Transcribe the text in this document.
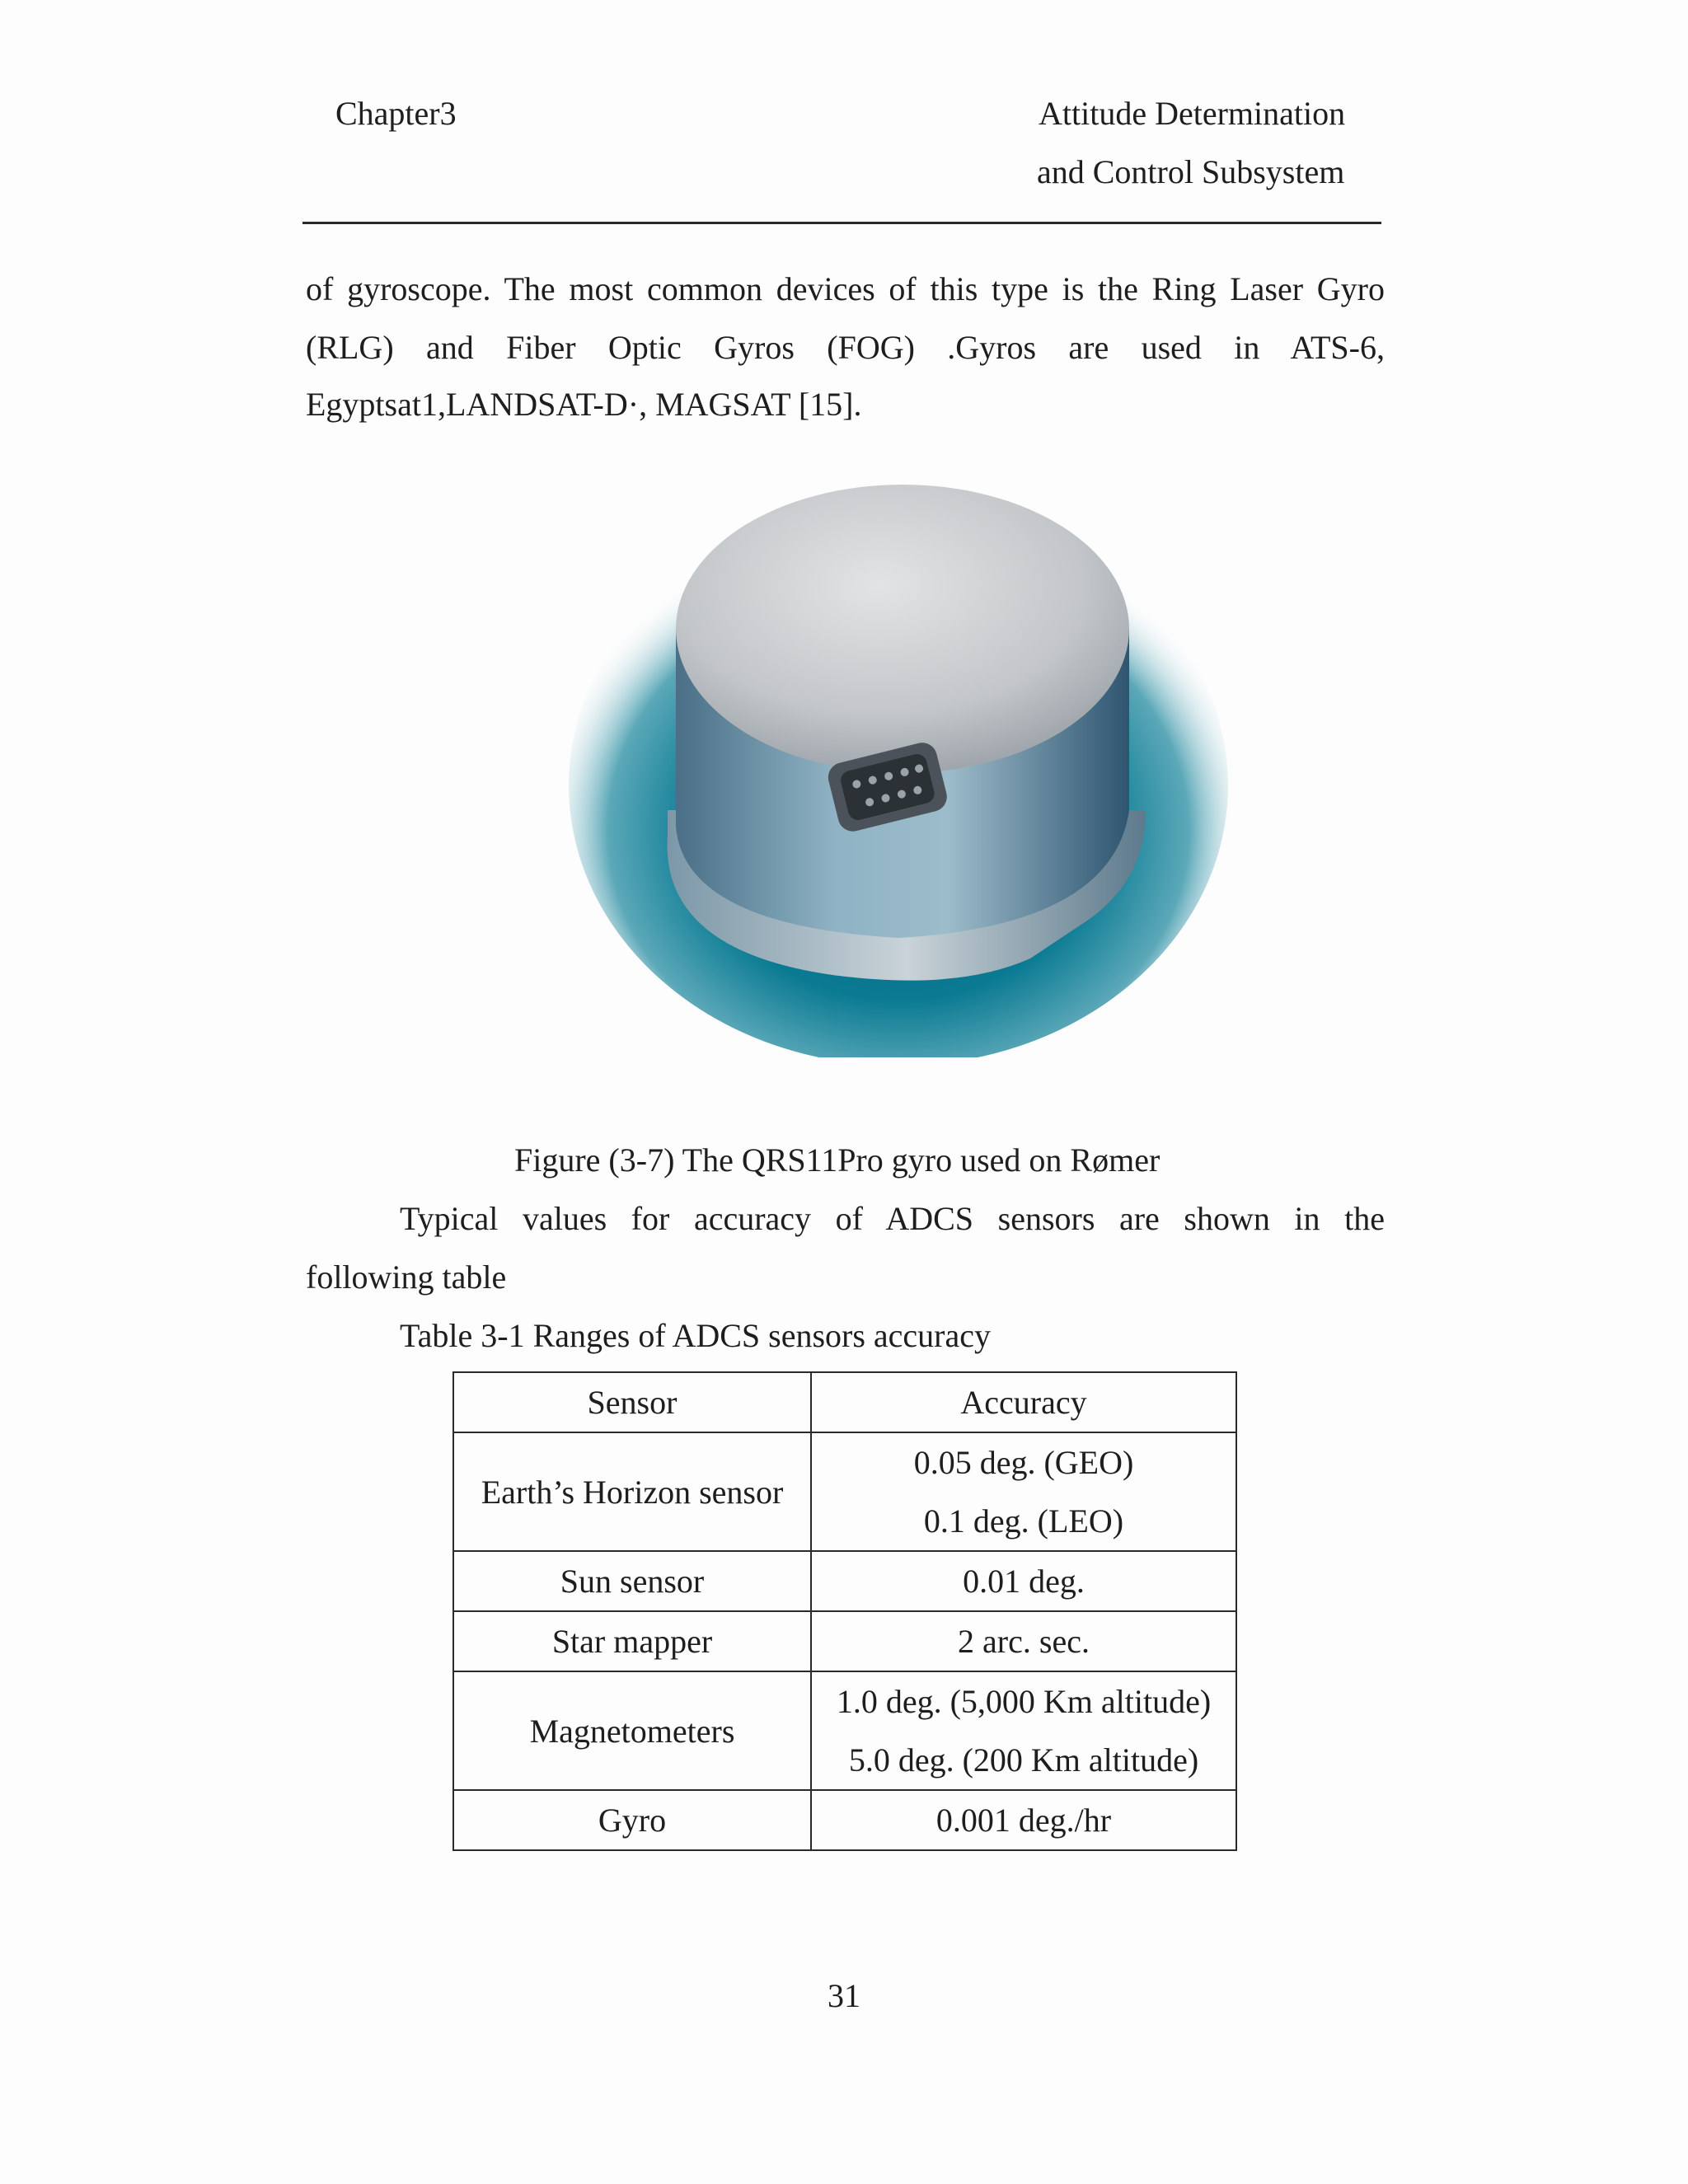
Chapter3	Attitude Determination
and Control Subsystem
of gyroscope. The most common devices of this type is the Ring Laser Gyro
(RLG) and Fiber Optic Gyros (FOG) .Gyros are used in ATS-6,
Egyptsat1,LANDSAT-D·, MAGSAT [15].
Figure (3-7) The QRS11Pro gyro used on Rømer
Typical values for accuracy of ADCS sensors are shown in the
following table
Table 3-1 Ranges of ADCS sensors accuracy
Sensor	Accuracy
Earth’s Horizon sensor	0.05 deg. (GEO)
0.1 deg. (LEO)

Sun sensor	0.01 deg.
Star mapper	2 arc. sec.
Magnetometers	1.0 deg. (5,000 Km altitude)
5.0 deg. (200 Km altitude)

Gyro	0.001 deg./hr
31
